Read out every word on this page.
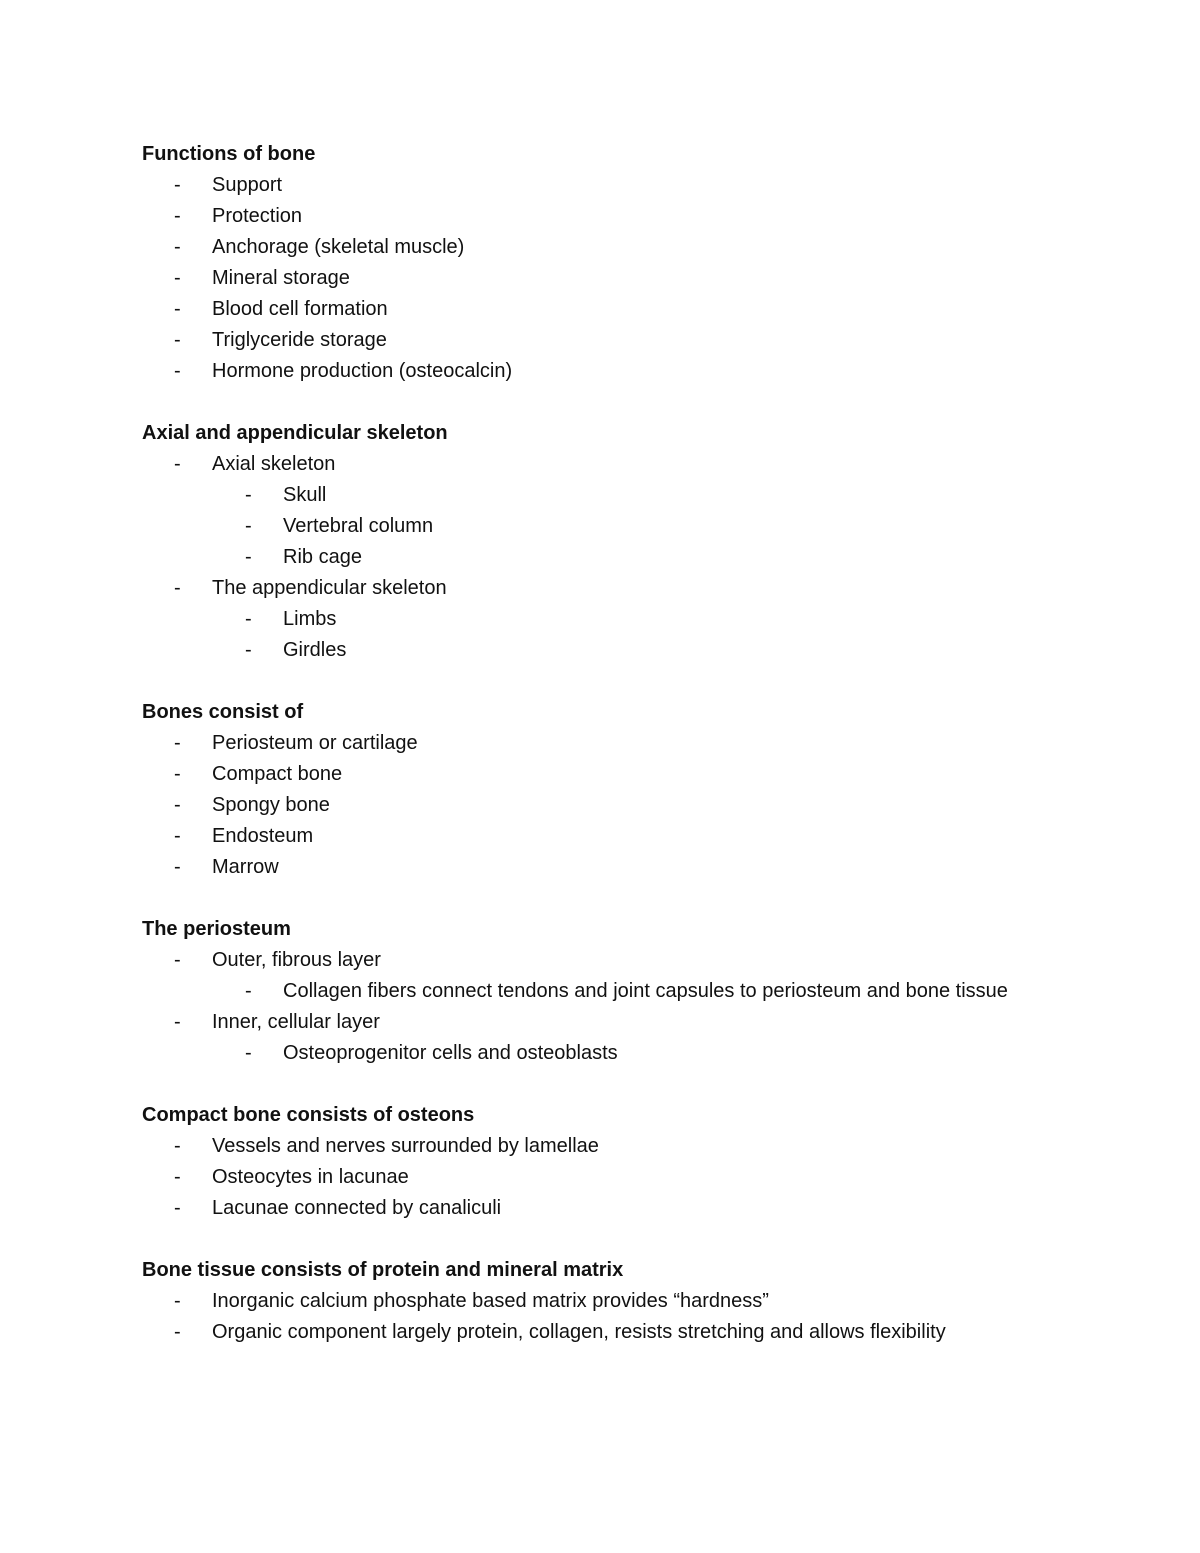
Functions of bone
-	Support
-	Protection
-	Anchorage (skeletal muscle)
-	Mineral storage
-	Blood cell formation
-	Triglyceride storage
-	Hormone production (osteocalcin)
Axial and appendicular skeleton
-	Axial skeleton
-	Skull
-	Vertebral column
-	Rib cage
-	The appendicular skeleton
-	Limbs
-	Girdles
Bones consist of
-	Periosteum or cartilage
-	Compact bone
-	Spongy bone
-	Endosteum
-	Marrow
The periosteum
-	Outer, fibrous layer
-	Collagen fibers connect tendons and joint capsules to periosteum and bone tissue
-	Inner, cellular layer
-	Osteoprogenitor cells and osteoblasts
Compact bone consists of osteons
-	Vessels and nerves surrounded by lamellae
-	Osteocytes in lacunae
-	Lacunae connected by canaliculi
Bone tissue consists of protein and mineral matrix
-	Inorganic calcium phosphate based matrix provides “hardness”
-	Organic component largely protein, collagen, resists stretching and allows flexibility
